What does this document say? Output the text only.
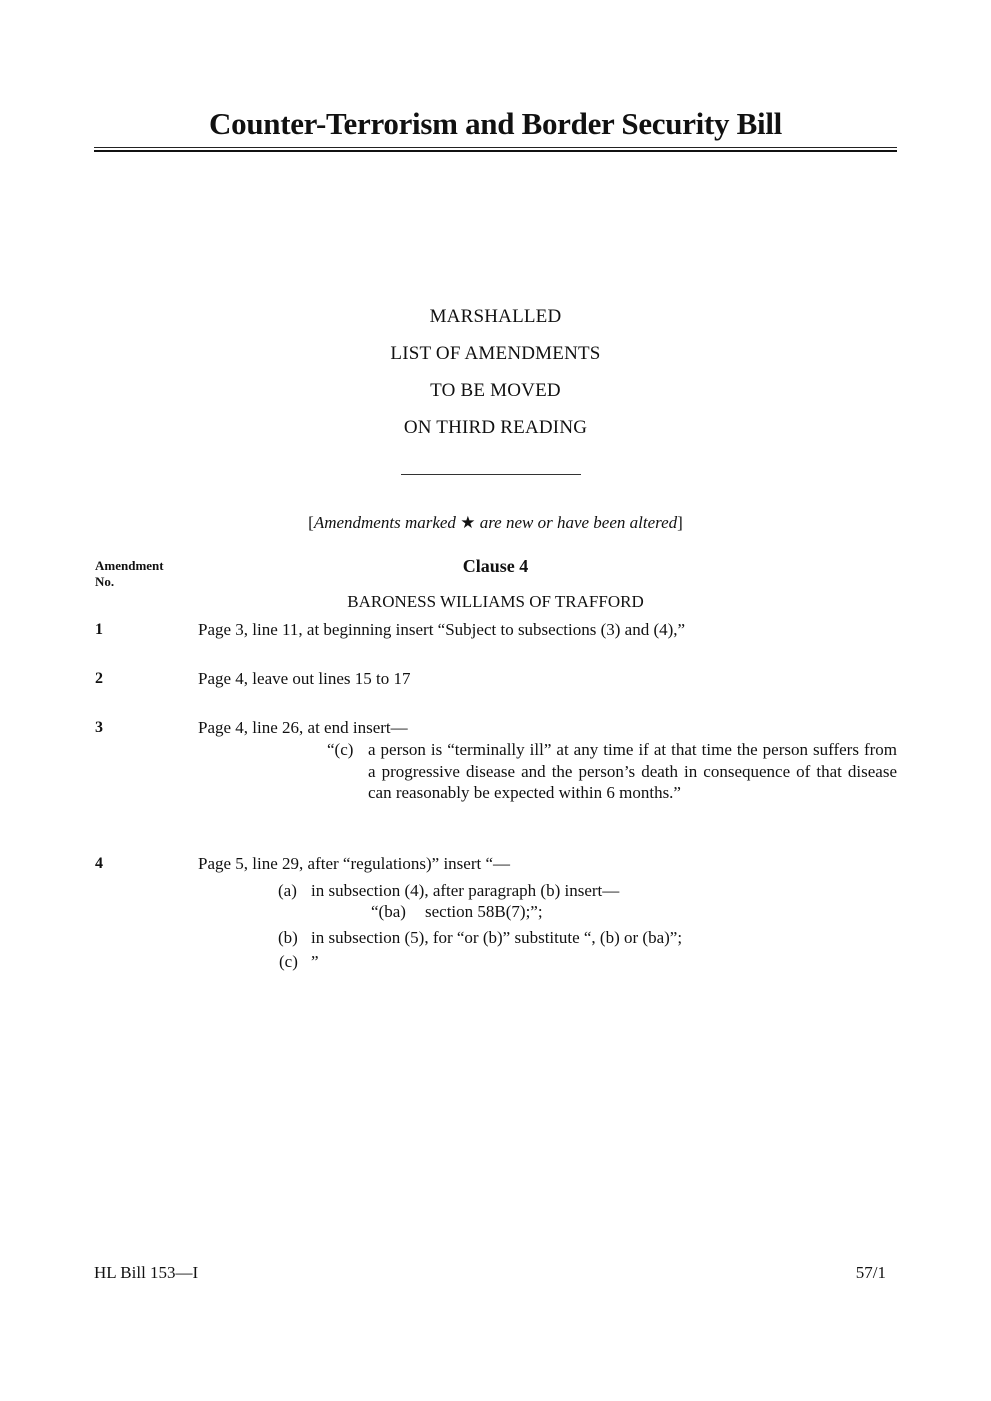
Counter-Terrorism and Border Security Bill
MARSHALLED
LIST OF AMENDMENTS
TO BE MOVED
ON THIRD READING
[Amendments marked ★ are new or have been altered]
Amendment
No.
Clause 4
BARONESS WILLIAMS OF TRAFFORD
1	Page 3, line 11, at beginning insert “Subject to subsections (3) and (4),”
2	Page 4, leave out lines 15 to 17
3	Page 4, line 26, at end insert—
“(c) a person is “terminally ill” at any time if at that time the person suffers from a progressive disease and the person’s death in consequence of that disease can reasonably be expected within 6 months.”
4	Page 5, line 29, after “regulations)” insert “—
(a) in subsection (4), after paragraph (b) insert—
“(ba) section 58B(7);”;
(b) in subsection (5), for “or (b)” substitute “, (b) or (ba)”;
(c) ”
HL Bill 153—I	57/1
